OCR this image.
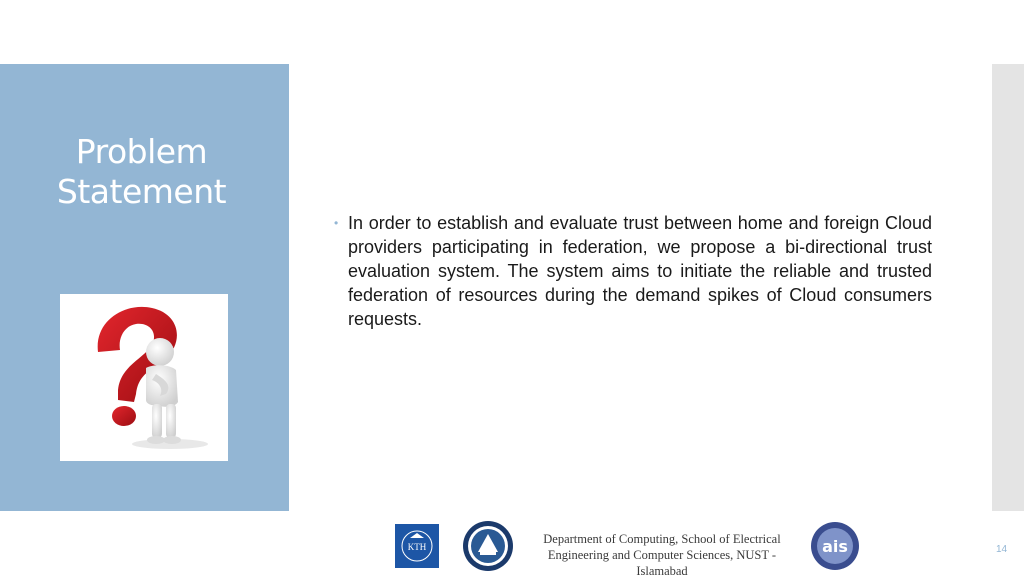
Problem
Statement
• In order to establish and evaluate trust between home and foreign Cloud providers participating in federation, we propose a bi-directional trust evaluation system. The system aims to initiate the reliable and trusted federation of resources during the demand spikes of Cloud consumers requests.

KTH
Department of Computing, School of Electrical Engineering and Computer Sciences, NUST - Islamabad
ais	14
